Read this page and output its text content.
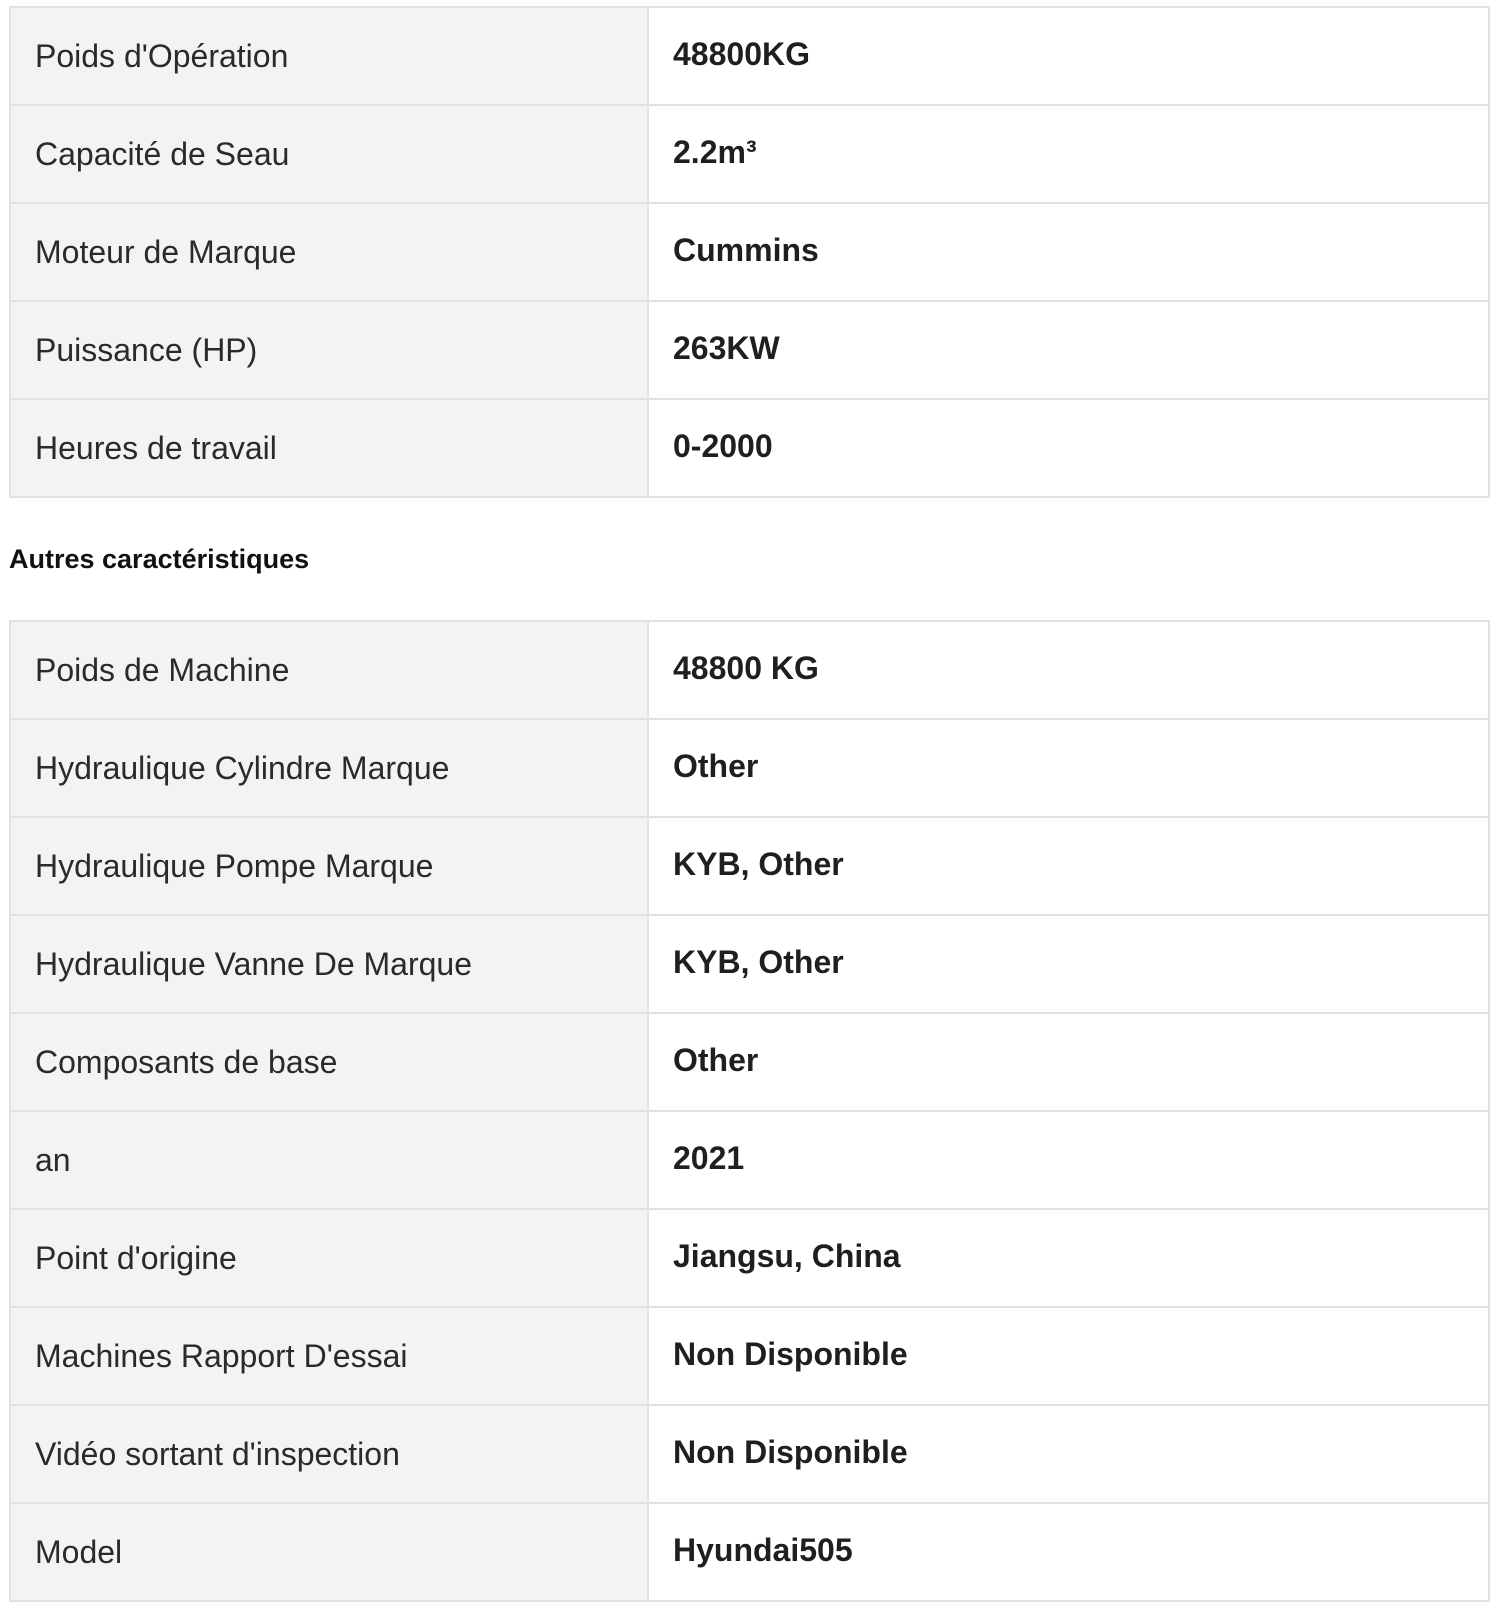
Poids d'Opération	48800KG
Capacité de Seau	2.2m³
Moteur de Marque	Cummins
Puissance (HP)	263KW
Heures de travail	0-2000
Autres caractéristiques
Poids de Machine	48800 KG
Hydraulique Cylindre Marque	Other
Hydraulique Pompe Marque	KYB, Other
Hydraulique Vanne De Marque	KYB, Other
Composants de base	Other
an	2021
Point d'origine	Jiangsu, China
Machines Rapport D'essai	Non Disponible
Vidéo sortant d'inspection	Non Disponible
Model	Hyundai505
